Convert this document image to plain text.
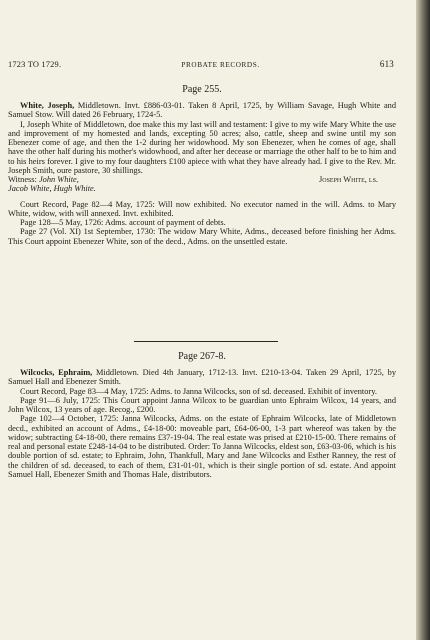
1723 TO 1729.	PROBATE RECORDS.	613
Page 255.

White, Joseph, Middletown. Invt. £886-03-01. Taken 8 April, 1725, by William Savage, Hugh White and Samuel Stow. Will dated 26 February, 1724-5.

I, Joseph White of Middletown, doe make this my last will and testament: I give to my wife Mary White the use and improvement of my homested and lands, excepting 50 acres; also, cattle, sheep and swine until my son Ebenezer come of age, and then the 1-2 during her widowhood. My son Ebenezer, when he comes of age, shall have the other half during his mother's widowhood, and after her decease or marriage the other half to be to him and to his heirs forever. I give to my four daughters £100 apiece with what they have already had. I give to the Rev. Mr. Joseph Smith, oure pastore, 30 shillings.

Witness: John White,	Joseph White, ls.

Jacob White, Hugh White.

Court Record, Page 82—4 May, 1725: Will now exhibited. No executor named in the will. Adms. to Mary White, widow, with will annexed. Invt. exhibited.

Page 128—5 May, 1726: Adms. account of payment of debts.

Page 27 (Vol. XI) 1st September, 1730: The widow Mary White, Adms., deceased before finishing her Adms. This Court appoint Ebenezer White, son of the decd., Adms. on the unsettled estate.

Page 267-8.

Wilcocks, Ephraim, Middletown. Died 4th January, 1712-13. Invt. £210-13-04. Taken 29 April, 1725, by Samuel Hall and Ebenezer Smith.

Court Record, Page 83—4 May, 1725: Adms. to Janna Wilcocks, son of sd. deceased. Exhibit of inventory.

Page 91—6 July, 1725: This Court appoint Janna Wilcox to be guardian unto Ephraim Wilcox, 14 years, and John Wilcox, 13 years of age. Recog., £200.

Page 102—4 October, 1725: Janna Wilcocks, Adms. on the estate of Ephraim Wilcocks, late of Middletown decd., exhibited an account of Adms., £4-18-00: moveable part, £64-06-00, 1-3 part whereof was taken by the widow; subtracting £4-18-00, there remains £37-19-04. The real estate was prised at £210-15-00. There remains of real and personal estate £248-14-04 to be distributed. Order: To Janna Wilcocks, eldest son, £63-03-06, which is his double portion of sd. estate; to Ephraim, John, Thankfull, Mary and Jane Wilcocks and Esther Ranney, the rest of the children of sd. deceased, to each of them, £31-01-01, which is their single portion of sd. estate. And appoint Samuel Hall, Ebenezer Smith and Thomas Hale, distributors.
